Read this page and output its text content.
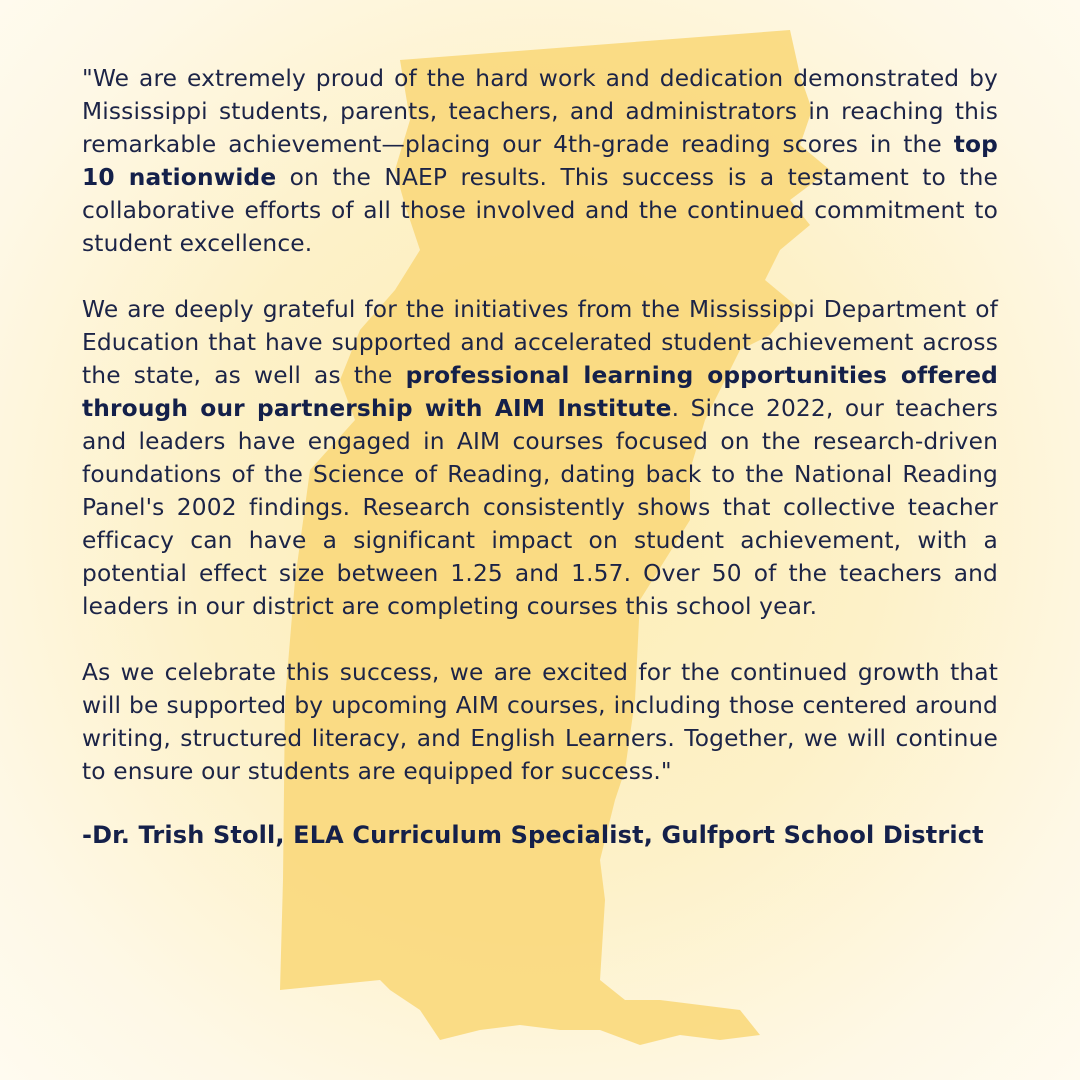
"We are extremely proud of the hard work and dedication demonstrated by Mississippi students, parents, teachers, and administrators in reaching this remarkable achievement—placing our 4th-grade reading scores in the top 10 nationwide on the NAEP results. This success is a testament to the collaborative efforts of all those involved and the continued commitment to student excellence.

We are deeply grateful for the initiatives from the Mississippi Department of Education that have supported and accelerated student achievement across the state, as well as the professional learning opportunities offered through our partnership with AIM Institute. Since 2022, our teachers and leaders have engaged in AIM courses focused on the research-driven foundations of the Science of Reading, dating back to the National Reading Panel's 2002 findings. Research consistently shows that collective teacher efficacy can have a significant impact on student achievement, with a potential effect size between 1.25 and 1.57. Over 50 of the teachers and leaders in our district are completing courses this school year.

As we celebrate this success, we are excited for the continued growth that will be supported by upcoming AIM courses, including those centered around writing, structured literacy, and English Learners. Together, we will continue to ensure our students are equipped for success."

-Dr. Trish Stoll, ELA Curriculum Specialist, Gulfport School District
